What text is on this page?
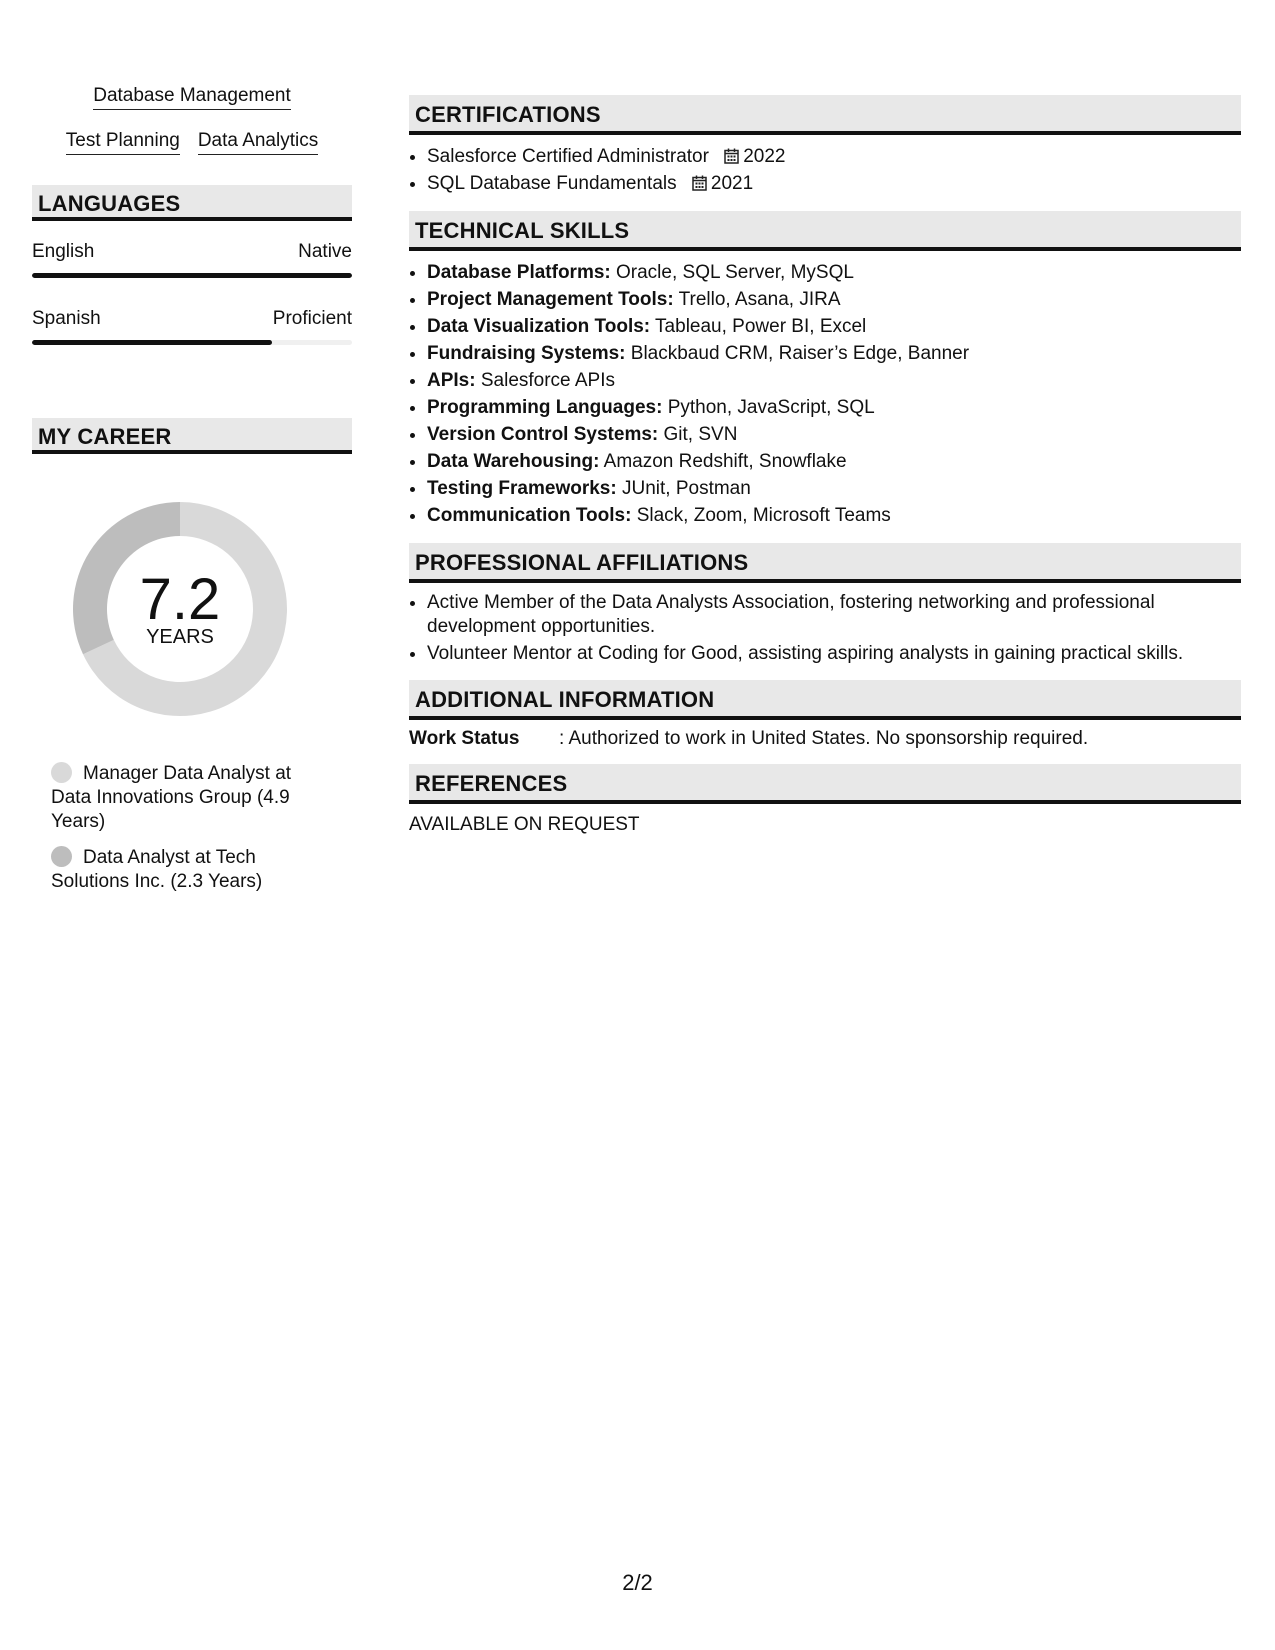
Database Management
Test Planning Data Analytics
LANGUAGES
English	Native
Spanish	Proficient
MY CAREER
7.2
YEARS
Manager Data Analyst at Data Innovations Group (4.9 Years)
Data Analyst at Tech Solutions Inc. (2.3 Years)
CERTIFICATIONS
• Salesforce Certified Administrator 2022
• SQL Database Fundamentals 2021
TECHNICAL SKILLS
• Database Platforms: Oracle, SQL Server, MySQL
• Project Management Tools: Trello, Asana, JIRA
• Data Visualization Tools: Tableau, Power BI, Excel
• Fundraising Systems: Blackbaud CRM, Raiser’s Edge, Banner
• APIs: Salesforce APIs
• Programming Languages: Python, JavaScript, SQL
• Version Control Systems: Git, SVN
• Data Warehousing: Amazon Redshift, Snowflake
• Testing Frameworks: JUnit, Postman
• Communication Tools: Slack, Zoom, Microsoft Teams
PROFESSIONAL AFFILIATIONS
• Active Member of the Data Analysts Association, fostering networking and professional development opportunities.
• Volunteer Mentor at Coding for Good, assisting aspiring analysts in gaining practical skills.
ADDITIONAL INFORMATION
Work Status	: Authorized to work in United States. No sponsorship required.
REFERENCES
AVAILABLE ON REQUEST
2/2
